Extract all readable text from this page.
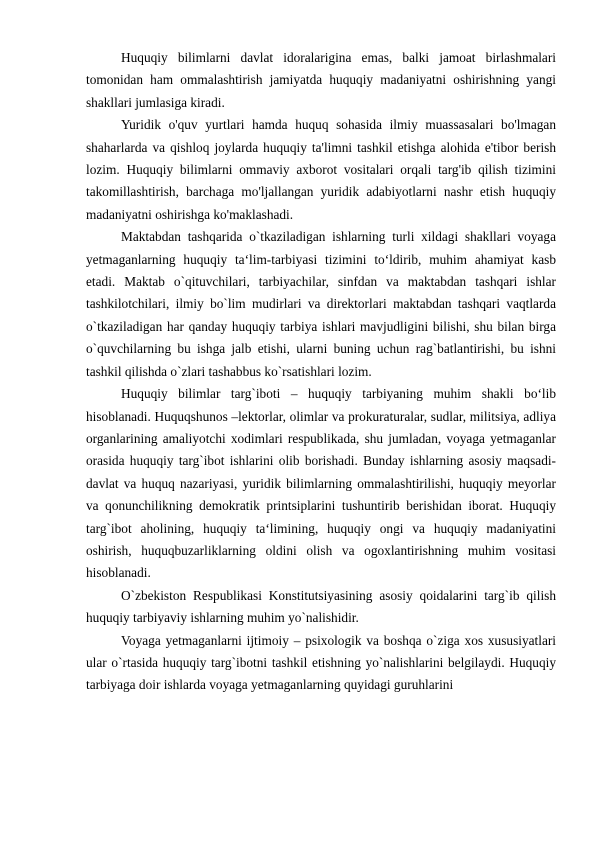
Huquqiy bilimlarni davlat idoralarigina emas, balki jamoat birlashmalari tomonidan ham ommalashtirish jamiyatda huquqiy madaniyatni oshirishning yangi shakllari jumlasiga kiradi.

Yuridik o'quv yurtlari hamda huquq sohasida ilmiy muassasalari bo'lmagan shaharlarda va qishloq joylarda huquqiy ta'limni tashkil etishga alohida e'tibor berish lozim. Huquqiy bilimlarni ommaviy axborot vositalari orqali targ'ib qilish tizimini takomillashtirish, barchaga mo'ljallangan yuridik adabiyotlarni nashr etish huquqiy madaniyatni oshirishga ko'maklashadi.

Maktabdan tashqarida o`tkaziladigan ishlarning turli xildagi shakllari voyaga yetmaganlarning huquqiy ta‘lim-tarbiyasi tizimini to‘ldirib, muhim ahamiyat kasb etadi. Maktab o`qituvchilari, tarbiyachilar, sinfdan va maktabdan tashqari ishlar tashkilotchilari, ilmiy bo`lim mudirlari va direktorlari maktabdan tashqari vaqtlarda o`tkaziladigan har qanday huquqiy tarbiya ishlari mavjudligini bilishi, shu bilan birga o`quvchilarning bu ishga jalb etishi, ularni buning uchun rag`batlantirishi, bu ishni tashkil qilishda o`zlari tashabbus ko`rsatishlari lozim.

Huquqiy bilimlar targ`iboti – huquqiy tarbiyaning muhim shakli bo‘lib hisoblanadi. Huquqshunos –lektorlar, olimlar va prokuraturalar, sudlar, militsiya, adliya organlarining amaliyotchi xodimlari respublikada, shu jumladan, voyaga yetmaganlar orasida huquqiy targ`ibot ishlarini olib borishadi. Bunday ishlarning asosiy maqsadi- davlat va huquq nazariyasi, yuridik bilimlarning ommalashtirilishi, huquqiy meyorlar va qonunchilikning demokratik printsiplarini tushuntirib berishidan iborat. Huquqiy targ`ibot aholining, huquqiy ta‘limining, huquqiy ongi va huquqiy madaniyatini oshirish, huquqbuzarliklarning oldini olish va ogoxlantirishning muhim vositasi hisoblanadi.

O`zbekiston Respublikasi Konstitutsiyasining asosiy qoidalarini targ`ib qilish huquqiy tarbiyaviy ishlarning muhim yo`nalishidir.

Voyaga yetmaganlarni ijtimoiy – psixologik va boshqa o`ziga xos xususiyatlari ular o`rtasida huquqiy targ`ibotni tashkil etishning yo`nalishlarini belgilaydi. Huquqiy tarbiyaga doir ishlarda voyaga yetmaganlarning quyidagi guruhlarini
